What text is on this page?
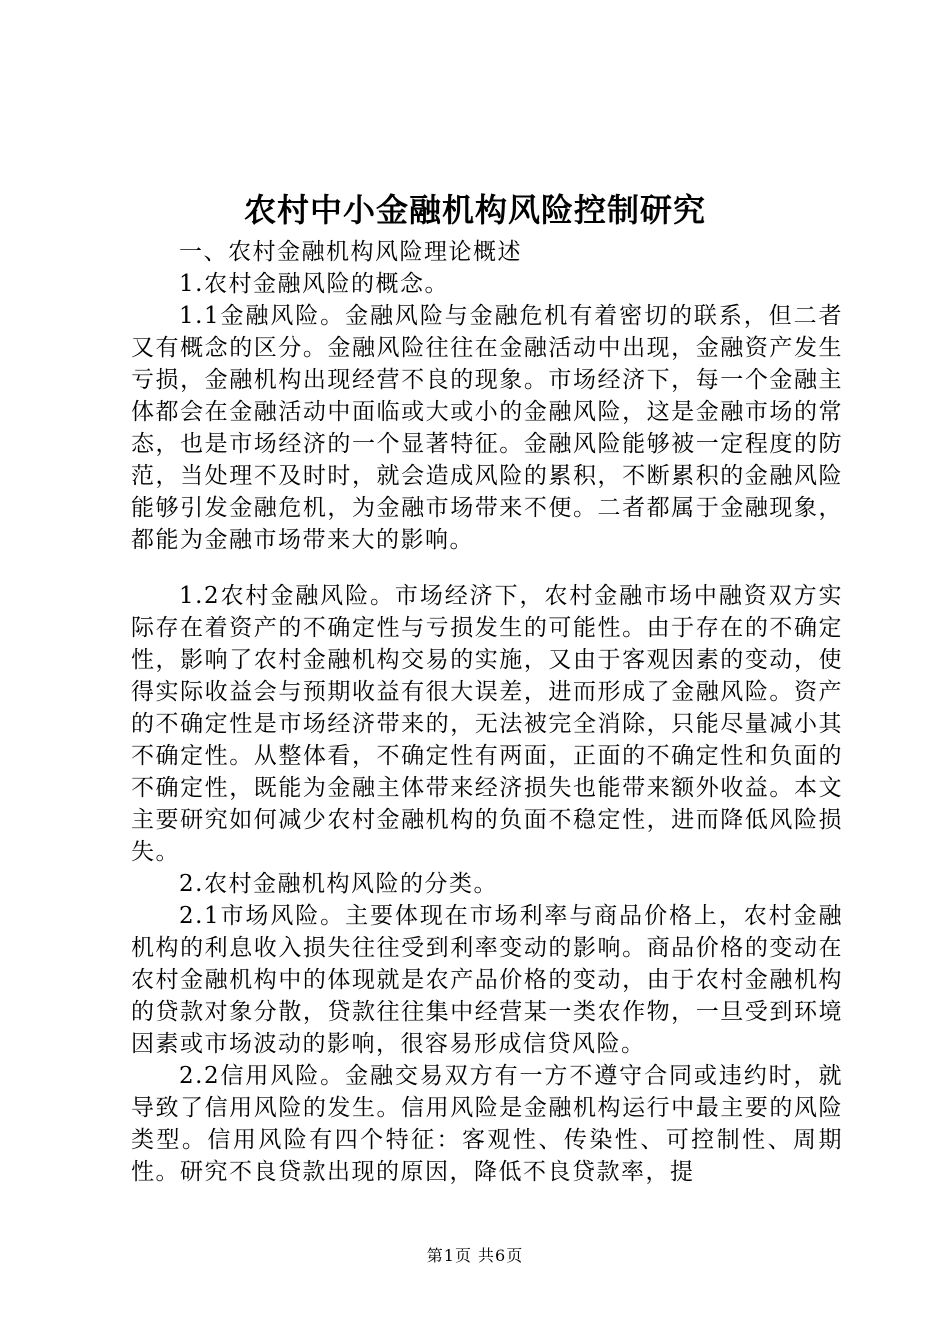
农村中小金融机构风险控制研究

一、农村金融机构风险理论概述

1.农村金融风险的概念。

1.1金融风险。金融风险与金融危机有着密切的联系，但二者又有概念的区分。金融风险往往在金融活动中出现，金融资产发生亏损，金融机构出现经营不良的现象。市场经济下，每一个金融主体都会在金融活动中面临或大或小的金融风险，这是金融市场的常态，也是市场经济的一个显著特征。金融风险能够被一定程度的防范，当处理不及时时，就会造成风险的累积，不断累积的金融风险能够引发金融危机，为金融市场带来不便。二者都属于金融现象，都能为金融市场带来大的影响。

1.2农村金融风险。市场经济下，农村金融市场中融资双方实际存在着资产的不确定性与亏损发生的可能性。由于存在的不确定性，影响了农村金融机构交易的实施，又由于客观因素的变动，使得实际收益会与预期收益有很大误差，进而形成了金融风险。资产的不确定性是市场经济带来的，无法被完全消除，只能尽量减小其不确定性。从整体看，不确定性有两面，正面的不确定性和负面的不确定性，既能为金融主体带来经济损失也能带来额外收益。本文主要研究如何减少农村金融机构的负面不稳定性，进而降低风险损失。

2.农村金融机构风险的分类。

2.1市场风险。主要体现在市场利率与商品价格上，农村金融机构的利息收入损失往往受到利率变动的影响。商品价格的变动在农村金融机构中的体现就是农产品价格的变动，由于农村金融机构的贷款对象分散，贷款往往集中经营某一类农作物，一旦受到环境因素或市场波动的影响，很容易形成信贷风险。

2.2信用风险。金融交易双方有一方不遵守合同或违约时，就导致了信用风险的发生。信用风险是金融机构运行中最主要的风险类型。信用风险有四个特征：客观性、传染性、可控制性、周期性。研究不良贷款出现的原因，降低不良贷款率，提

第1页 共6页
